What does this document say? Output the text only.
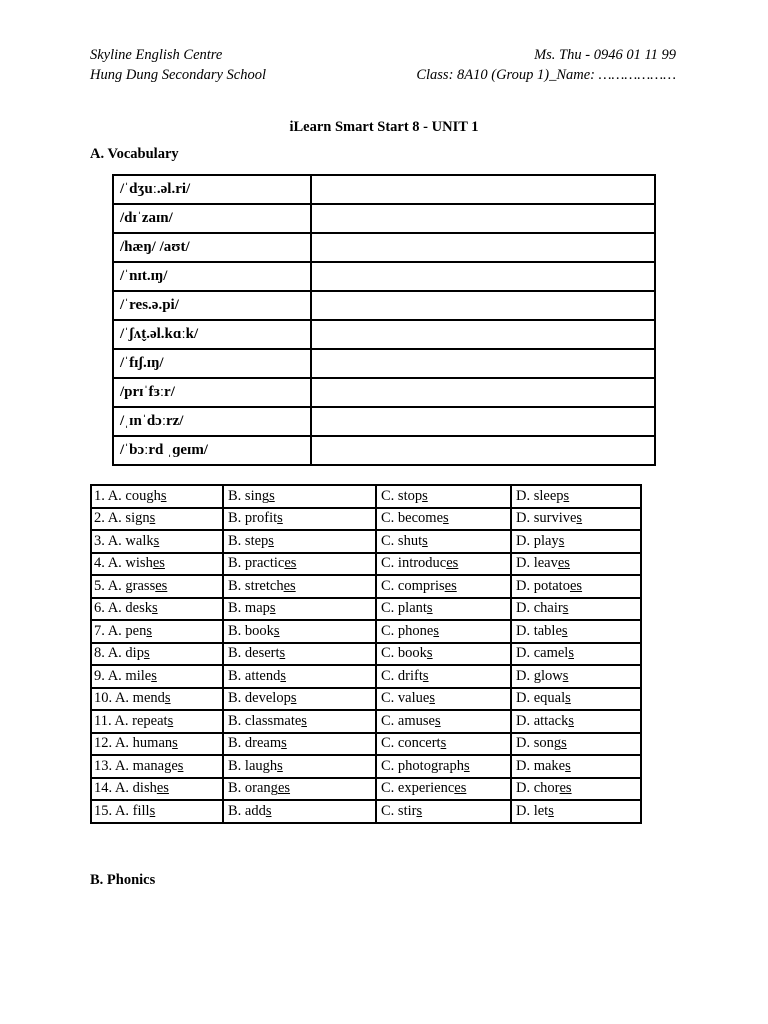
Skyline English Centre
Hung Dung Secondary School
Ms. Thu - 0946 01 11 99
Class: 8A10 (Group 1)_Name: ………………
iLearn Smart Start 8 - UNIT 1
A. Vocabulary
/ˈdʒuː.əl.ri/	
/dɪˈzaɪn/	
/hæŋ/ /aʊt/	
/ˈnɪt.ɪŋ/	
/ˈres.ə.pi/	
/ˈʃʌt̬.əl.kɑːk/	
/ˈfɪʃ.ɪŋ/	
/prɪˈfɜːr/	
/ˌɪnˈdɔːrz/	
/ˈbɔːrd ˌɡeɪm/	
1. A. coughs	B. sings	C. stops	D. sleeps
2. A. signs	B. profits	C. becomes	D. survives
3. A. walks	B. steps	C. shuts	D. plays
4. A. wishes	B. practices	C. introduces	D. leaves
5. A. grasses	B. stretches	C. comprises	D. potatoes
6. A. desks	B. maps	C. plants	D. chairs
7. A. pens	B. books	C. phones	D. tables
8. A. dips	B. deserts	C. books	D. camels
9. A. miles	B. attends	C. drifts	D. glows
10. A. mends	B. develops	C. values	D. equals
11. A. repeats	B. classmates	C. amuses	D. attacks
12. A. humans	B. dreams	C. concerts	D. songs
13. A. manages	B. laughs	C. photographs	D. makes
14. A. dishes	B. oranges	C. experiences	D. chores
15. A. fills	B. adds	C. stirs	D. lets
B. Phonics
